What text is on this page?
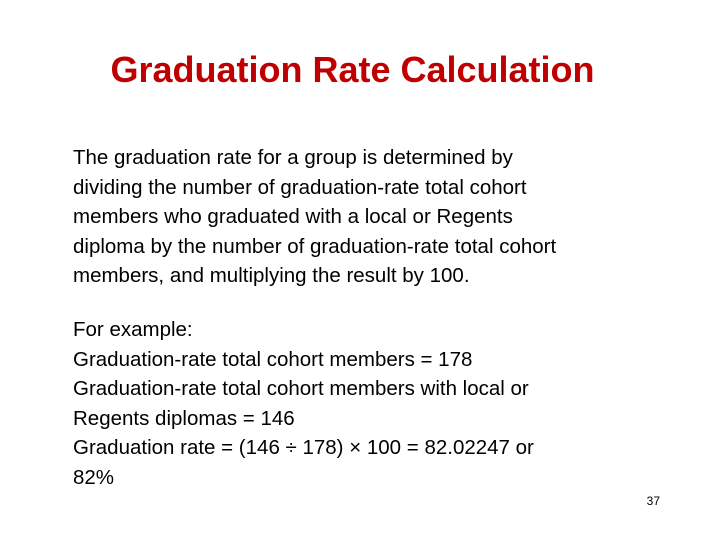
Graduation Rate Calculation
The graduation rate for a group is determined by
dividing the number of graduation-rate total cohort
members who graduated with a local or Regents
diploma by the number of graduation-rate total cohort
members, and multiplying the result by 100.
For example:
Graduation-rate total cohort members = 178
Graduation-rate total cohort members with local or
Regents diplomas = 146
Graduation rate = (146 ÷ 178) × 100 = 82.02247 or
82%
37
